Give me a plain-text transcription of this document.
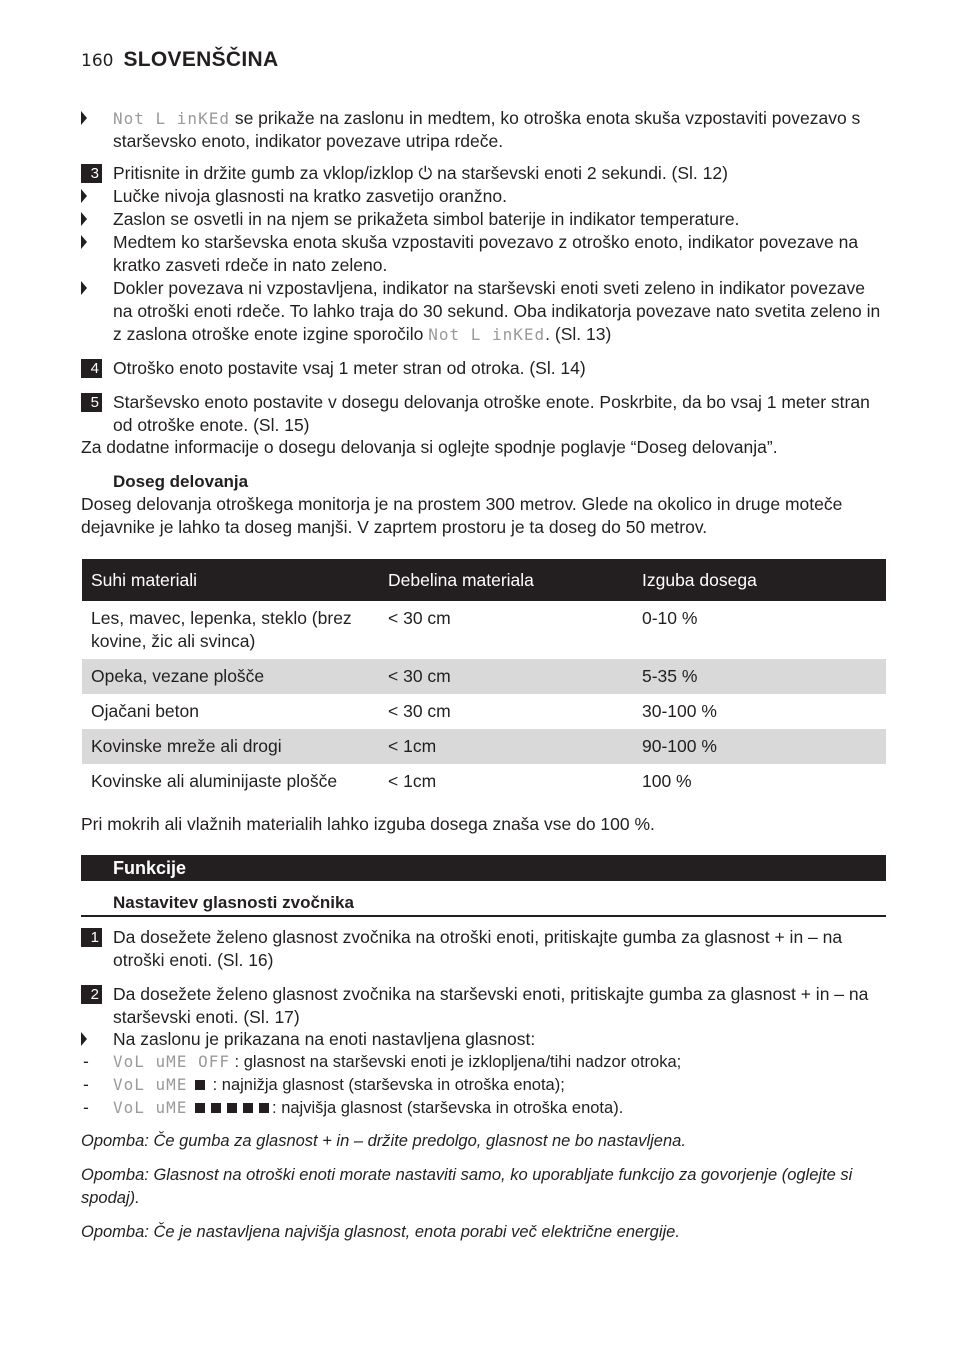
160 SLOVENŠČINA
Not L inKEd se prikaže na zaslonu in medtem, ko otroška enota skuša vzpostaviti povezavo s starševsko enoto, indikator povezave utripa rdeče.
3 Pritisnite in držite gumb za vklop/izklop ⏻ na starševski enoti 2 sekundi. (Sl. 12)
Lučke nivoja glasnosti na kratko zasvetijo oranžno.
Zaslon se osvetli in na njem se prikažeta simbol baterije in indikator temperature.
Medtem ko starševska enota skuša vzpostaviti povezavo z otroško enoto, indikator povezave na kratko zasveti rdeče in nato zeleno.
Dokler povezava ni vzpostavljena, indikator na starševski enoti sveti zeleno in indikator povezave na otroški enoti rdeče. To lahko traja do 30 sekund. Oba indikatorja povezave nato svetita zeleno in z zaslona otroške enote izgine sporočilo Not L inKEd. (Sl. 13)
4 Otroško enoto postavite vsaj 1 meter stran od otroka. (Sl. 14)
5 Starševsko enoto postavite v dosegu delovanja otroške enote. Poskrbite, da bo vsaj 1 meter stran od otroške enote. (Sl. 15)
Za dodatne informacije o dosegu delovanja si oglejte spodnje poglavje “Doseg delovanja”.
Doseg delovanja
Doseg delovanja otroškega monitorja je na prostem 300 metrov. Glede na okolico in druge moteče dejavnike je lahko ta doseg manjši. V zaprtem prostoru je ta doseg do 50 metrov.
Suhi materiali	Debelina materiala	Izguba dosega
Les, mavec, lepenka, steklo (brez kovine, žic ali svinca)	< 30 cm	0-10 %
Opeka, vezane plošče	< 30 cm	5-35 %
Ojačani beton	< 30 cm	30-100 %
Kovinske mreže ali drogi	< 1cm	90-100 %
Kovinske ali aluminijaste plošče	< 1cm	100 %
Pri mokrih ali vlažnih materialih lahko izguba dosega znaša vse do 100 %.
Funkcije
Nastavitev glasnosti zvočnika
1 Da dosežete želeno glasnost zvočnika na otroški enoti, pritiskajte gumba za glasnost + in – na otroški enoti. (Sl. 16)
2 Da dosežete želeno glasnost zvočnika na starševski enoti, pritiskajte gumba za glasnost + in – na starševski enoti. (Sl. 17)
Na zaslonu je prikazana na enoti nastavljena glasnost:
- VoL uME OFF : glasnost na starševski enoti je izklopljena/tihi nadzor otroka;
- VoL uME  : najnižja glasnost (starševska in otroška enota);
- VoL uME	: najvišja glasnost (starševska in otroška enota).
Opomba: Če gumba za glasnost + in – držite predolgo, glasnost ne bo nastavljena.
Opomba: Glasnost na otroški enoti morate nastaviti samo, ko uporabljate funkcijo za govorjenje (oglejte si spodaj).
Opomba: Če je nastavljena najvišja glasnost, enota porabi več električne energije.
